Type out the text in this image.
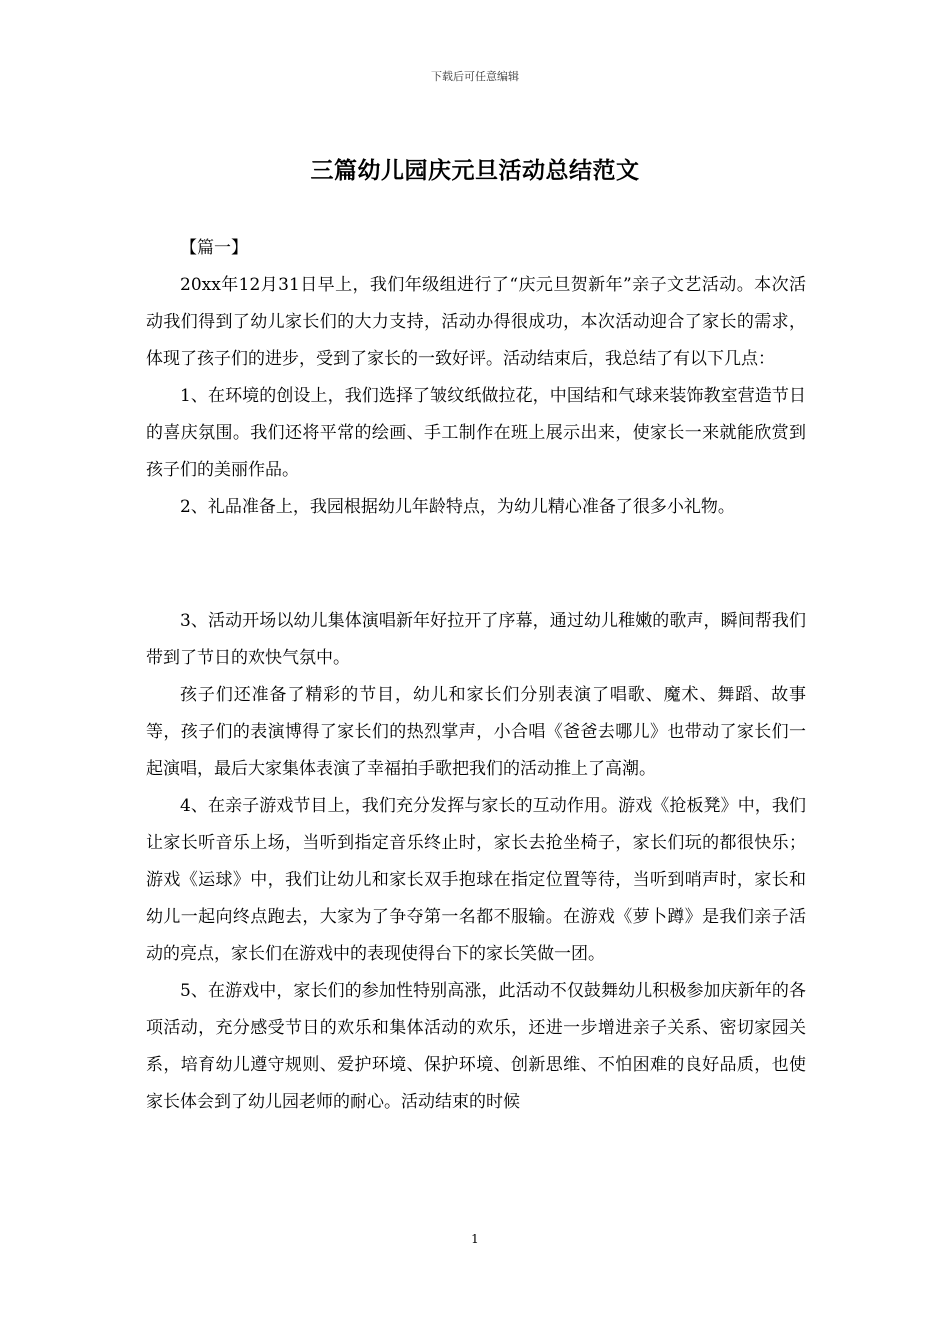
下载后可任意编辑
三篇幼儿园庆元旦活动总结范文
【篇一】

20xx年12月31日早上，我们年级组进行了“庆元旦贺新年”亲子文艺活动。本次活动我们得到了幼儿家长们的大力支持，活动办得很成功，本次活动迎合了家长的需求，体现了孩子们的进步，受到了家长的一致好评。活动结束后，我总结了有以下几点：

1、在环境的创设上，我们选择了皱纹纸做拉花，中国结和气球来装饰教室营造节日的喜庆氛围。我们还将平常的绘画、手工制作在班上展示出来，使家长一来就能欣赏到孩子们的美丽作品。

2、礼品准备上，我园根据幼儿年龄特点，为幼儿精心准备了很多小礼物。

3、活动开场以幼儿集体演唱新年好拉开了序幕，通过幼儿稚嫩的歌声，瞬间帮我们带到了节日的欢快气氛中。

孩子们还准备了精彩的节目，幼儿和家长们分别表演了唱歌、魔术、舞蹈、故事等，孩子们的表演博得了家长们的热烈掌声，小合唱《爸爸去哪儿》也带动了家长们一起演唱，最后大家集体表演了幸福拍手歌把我们的活动推上了高潮。

4、在亲子游戏节目上，我们充分发挥与家长的互动作用。游戏《抢板凳》中，我们让家长听音乐上场，当听到指定音乐终止时，家长去抢坐椅子，家长们玩的都很快乐；游戏《运球》中，我们让幼儿和家长双手抱球在指定位置等待，当听到哨声时，家长和幼儿一起向终点跑去，大家为了争夺第一名都不服输。在游戏《萝卜蹲》是我们亲子活动的亮点，家长们在游戏中的表现使得台下的家长笑做一团。

5、在游戏中，家长们的参加性特别高涨，此活动不仅鼓舞幼儿积极参加庆新年的各项活动，充分感受节日的欢乐和集体活动的欢乐，还进一步增进亲子关系、密切家园关系，培育幼儿遵守规则、爱护环境、保护环境、创新思维、不怕困难的良好品质，也使家长体会到了幼儿园老师的耐心。活动结束的时候

1
